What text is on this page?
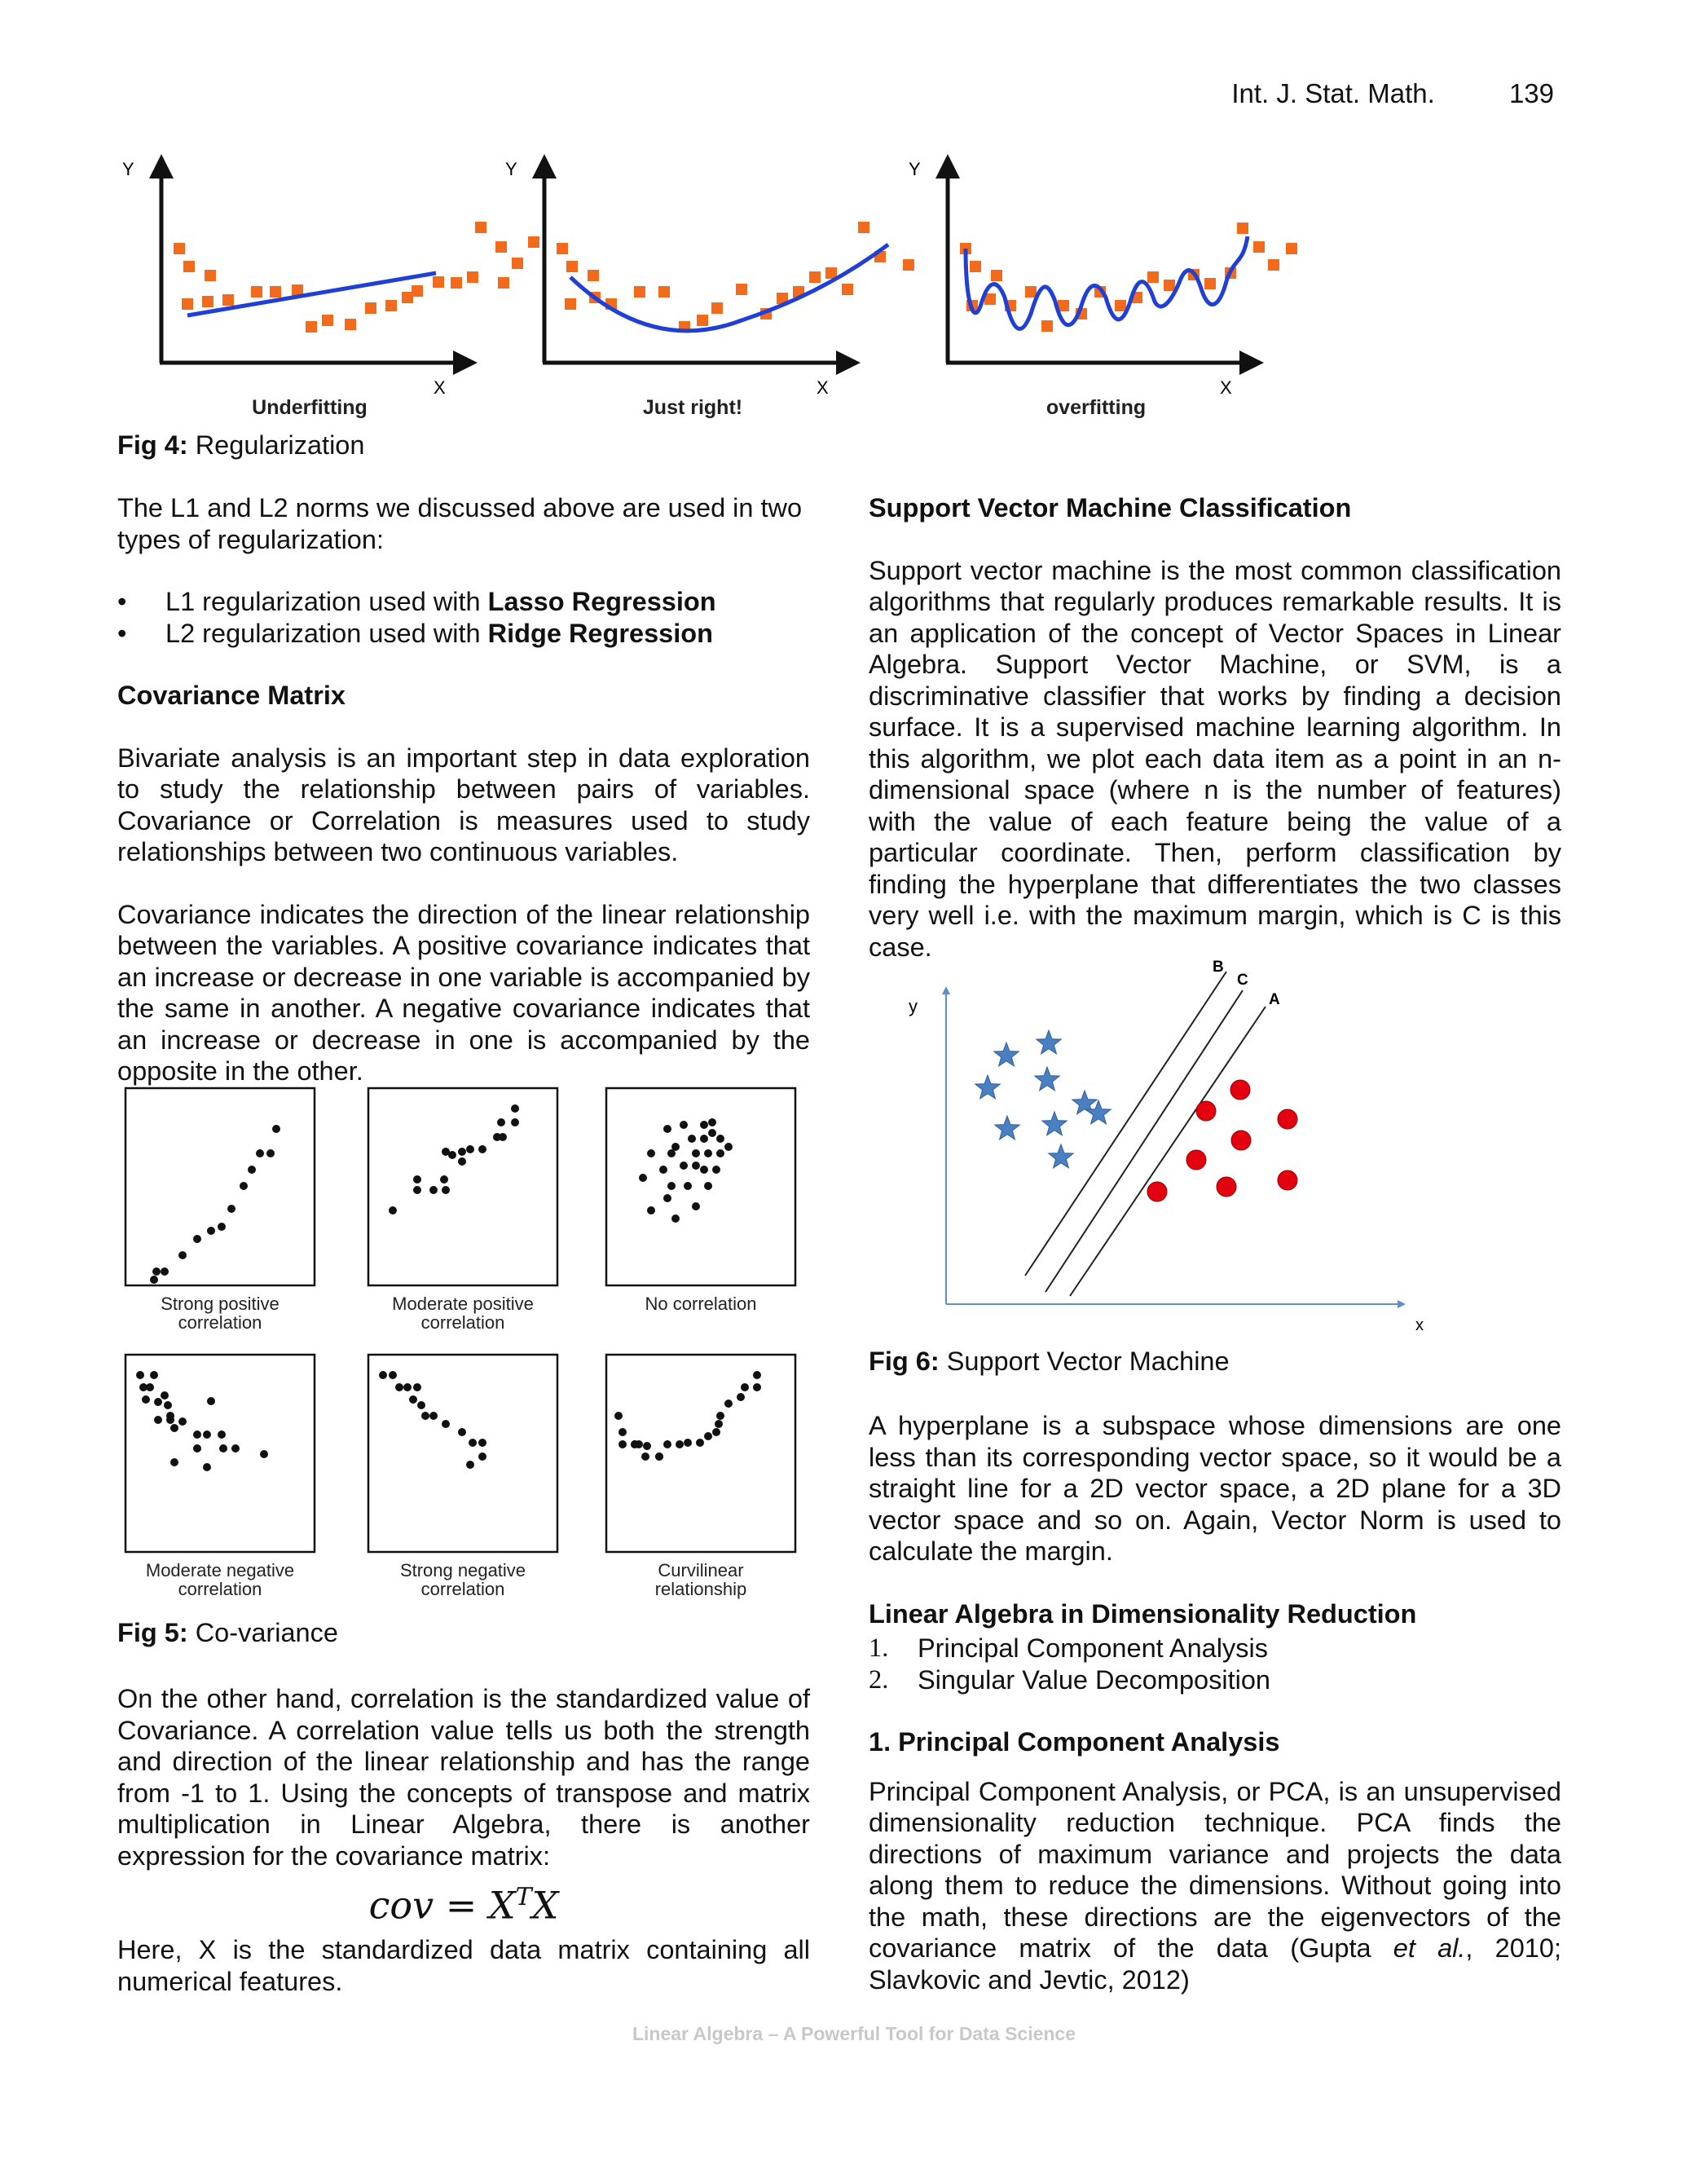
Int. J. Stat. Math.	139
Y
X
Underfitting
Y
X
Just right!
Y
X
overfitting
Fig 4: Regularization

The L1 and L2 norms we discussed above are used in two types of regularization:

• L1 regularization used with Lasso Regression
• L2 regularization used with Ridge Regression
Covariance Matrix

Bivariate analysis is an important step in data exploration to study the relationship between pairs of variables. Covariance or Correlation is measures used to study relationships between two continuous variables.

Covariance indicates the direction of the linear relationship between the variables. A positive covariance indicates that an increase or decrease in one variable is accompanied by the same in another. A negative covariance indicates that an increase or decrease in one is accompanied by the opposite in the other.

Strong positive
correlation
Moderate positive
correlation
No correlation
Moderate negative
correlation
Strong negative
correlation
Curvilinear
relationship
Fig 5: Co-variance

On the other hand, correlation is the standardized value of Covariance. A correlation value tells us both the strength and direction of the linear relationship and has the range from -1 to 1. Using the concepts of transpose and matrix multiplication in Linear Algebra, there is another expression for the covariance matrix:

cov = $X^TX$

Here, X is the standardized data matrix containing all numerical features.

Support Vector Machine Classification

Support vector machine is the most common classification algorithms that regularly produces remarkable results. It is an application of the concept of Vector Spaces in Linear Algebra. Support Vector Machine, or SVM, is a discriminative classifier that works by finding a decision surface. It is a supervised machine learning algorithm. In this algorithm, we plot each data item as a point in an n-dimensional space (where n is the number of features) with the value of each feature being the value of a particular coordinate. Then, perform classification by finding the hyperplane that differentiates the two classes very well i.e. with the maximum margin, which is C is this case.

y
x
B
C
A
Fig 6: Support Vector Machine

A hyperplane is a subspace whose dimensions are one less than its corresponding vector space, so it would be a straight line for a 2D vector space, a 2D plane for a 3D vector space and so on. Again, Vector Norm is used to calculate the margin.

Linear Algebra in Dimensionality Reduction
1.	Principal Component Analysis
2.	Singular Value Decomposition
1. Principal Component Analysis

Principal Component Analysis, or PCA, is an unsupervised dimensionality reduction technique. PCA finds the directions of maximum variance and projects the data along them to reduce the dimensions. Without going into the math, these directions are the eigenvectors of the covariance matrix of the data (Gupta et al., 2010; Slavkovic and Jevtic, 2012)

Linear Algebra – A Powerful Tool for Data Science
